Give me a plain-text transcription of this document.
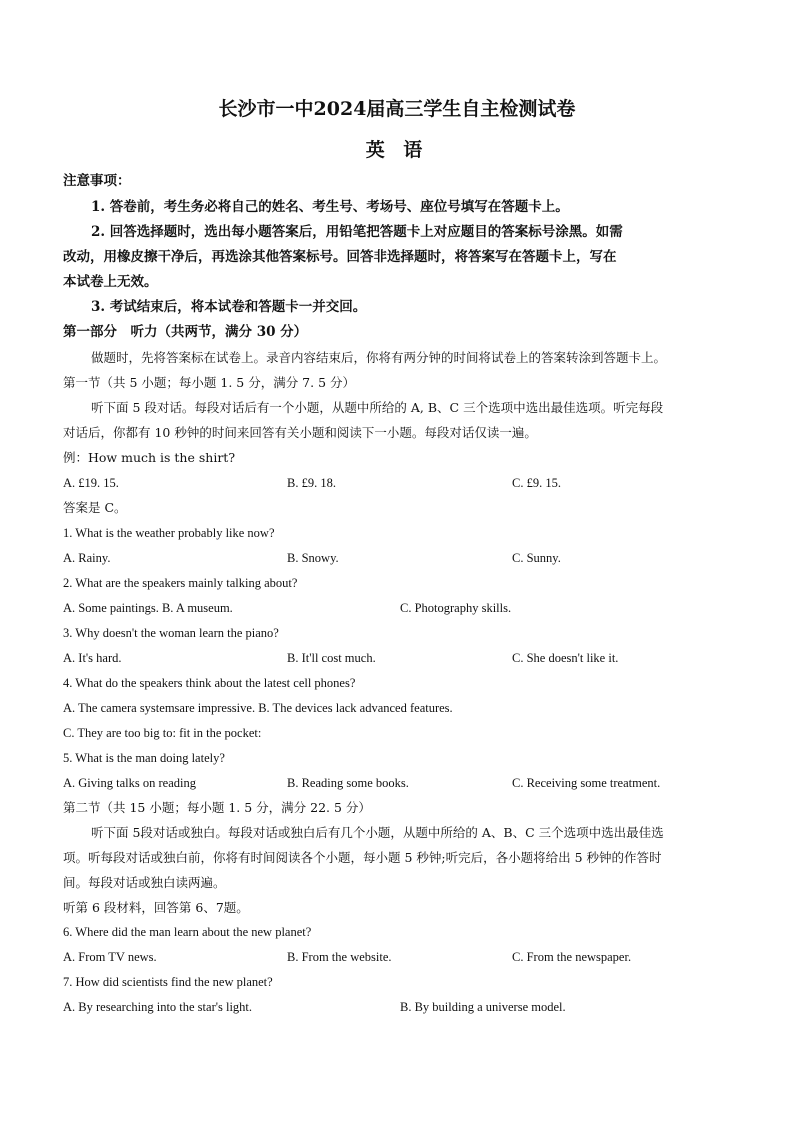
长沙市一中2024届高三学生自主检测试卷
英 语
注意事项：
1. 答卷前，考生务必将自己的姓名、考生号、考场号、座位号填写在答题卡上。
2. 回答选择题时，选出每小题答案后，用铅笔把答题卡上对应题目的答案标号涂黑。如需
改动，用橡皮擦干净后，再选涂其他答案标号。回答非选择题时，将答案写在答题卡上，写在
本试卷上无效。
3. 考试结束后，将本试卷和答题卡一并交回。
第一部分　听力（共两节，满分 30 分）
做题时，先将答案标在试卷上。录音内容结束后，你将有两分钟的时间将试卷上的答案转涂到答题卡上。
第一节（共 5 小题；每小题 1. 5 分，满分 7. 5 分）
听下面 5 段对话。每段对话后有一个小题，从题中所给的 A, B、C 三个选项中选出最佳选项。听完每段
对话后，你都有 10 秒钟的时间来回答有关小题和阅读下一小题。每段对话仅读一遍。
例：How much is the shirt?
A. £19. 15.	B. £9. 18.	C. £9. 15.
答案是 C。
1. What is the weather probably like now?
A. Rainy.	B. Snowy.	C. Sunny.
2. What are the speakers mainly talking about?
A. Some paintings. B. A museum.	C. Photography skills.
3. Why doesn't the woman learn the piano?
A. It's hard.	B. It'll cost much.	C. She doesn't like it.
4. What do the speakers think about the latest cell phones?
A. The camera systemsare impressive. B. The devices lack advanced features.
C. They are too big to: fit in the pocket:
5. What is the man doing lately?
A. Giving talks on reading	B. Reading some books.	C. Receiving some treatment.
第二节（共 15 小题；每小题 1. 5 分，满分 22. 5 分）
听下面 5段对话或独白。每段对话或独白后有几个小题，从题中所给的 A、B、C 三个选项中选出最佳选
项。听每段对话或独白前，你将有时间阅读各个小题，每小题 5 秒钟;听完后，各小题将给出 5 秒钟的作答时
间。每段对话或独白读两遍。
听第 6 段材料，回答第 6、7题。
6. Where did the man learn about the new planet?
A. From TV news.	B. From the website.	C. From the newspaper.
7. How did scientists find the new planet?
A. By researching into the star's light.	B. By building a universe model.
